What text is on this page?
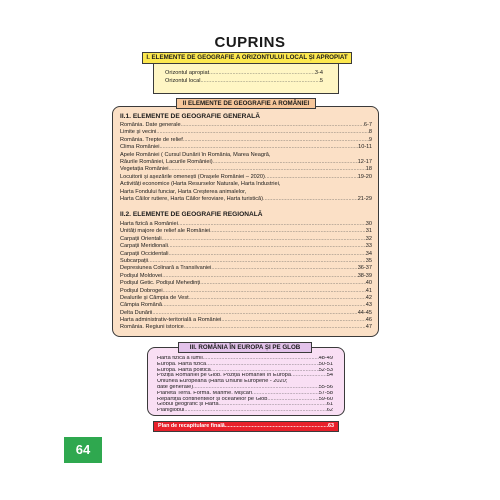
CUPRINS
I. ELEMENTE DE GEOGRAFIE A ORIZONTULUI LOCAL ȘI APROPIAT
Orizontul apropiat .....	3-4
Orizontul local .....	5
II ELEMENTE DE GEOGRAFIE A ROMÂNIEI
II.1. ELEMENTE DE GEOGRAFIE GENERALĂ
România. Date generale .....	6-7
Limite și vecini .....	8
România. Trepte de relief .....	9
Clima României .....	10-11
Apele României ( Cursul Dunării în România, Marea Neagră,
Râurile României, Lacurile României) .....	12-17
Vegetația României .....	18
Locuitorii și așezările omenești (Orașele României – 2020) .....	19-20
Activități economice (Harta Resurselor Naturale, Harta Industriei,
Harta Fondului funciar, Harta Creșterea animalelor,
Harta Căilor rutiere, Harta Căilor feroviare, Harta turistică) .....	21-29
II.2. ELEMENTE DE GEOGRAFIE REGIONALĂ
Harta fizică a României .....	30
Unități majore de relief ale României .....	31
Carpații Orientali .....	32
Carpații Meridionali .....	33
Carpații Occidentali .....	34
Subcarpații .....	35
Depresiunea Colinară a Transilvaniei .....	36-37
Podișul Moldovei .....	38-39
Podișul Getic. Podișul Mehedinți .....	40
Podișul Dobrogei .....	41
Dealurile și Câmpia de Vest .....	42
Câmpia Română .....	43
Delta Dunării .....	44-45
Harta administrativ-teritorială a României .....	46
România. Regiuni istorice .....	47
III. ROMÂNIA ÎN EUROPA ȘI PE GLOB
Harta fizică a lumii .....	48-49
Europa. Harta fizică .....	50-51
Europa. Harta politică .....	52-53
Poziția României pe Glob. Poziția României în Europa .....	54
Uniunea Europeană (Harta Uniunii Europene - 2020;
date generale) .....	55-56
Planeta Terra. Formă. Mărime. Mișcări .....	57-58
Repartiția continentelor și oceanelor pe Glob .....	59-60
Globul geografic și Harta .....	61
Planiglobul .....	62
Plan de recapitulare finală .....	63
64
